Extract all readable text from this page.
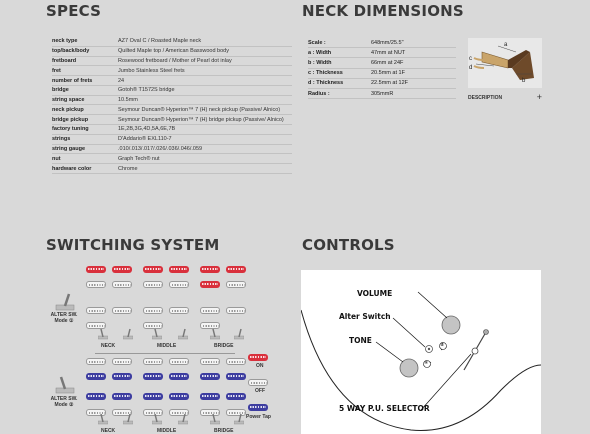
SPECS
neck type	AZ7 Oval C / Roasted Maple neck
top/back/body	Quilted Maple top / American Basswood body
fretboard	Rosewood fretboard / Mother of Pearl dot inlay
fret	Jumbo Stainless Steel frets
number of frets	24
bridge	Gotoh® T1572S bridge
string space	10.5mm
neck pickup	Seymour Duncan® Hyperion™ 7 (H) neck pickup (Passive/ Alnico)
bridge pickup	Seymour Duncan® Hyperion™ 7 (H) bridge pickup (Passive/ Alnico)
factory tuning	1E,2B,3G,4D,5A,6E,7B
strings	D'Addario® EXL110-7
string gauge	.010/.013/.017/.026/.036/.046/.059
nut	Graph Tech® nut
hardware color	Chrome
NECK DIMENSIONS
Scale :	648mm/25.5"
a : Width	47mm at NUT
b : Width	66mm at 24F
c : Thickness	20.5mm at 1F
d : Thickness	22.5mm at 12F
Radius :	305mmR
a
b
c
d
DESCRIPTION	+
SWITCHING SYSTEM
ALTER SW. Mode ①
ALTER SW. Mode ②
NECK	MIDDLE	BRIDGE
NECK	MIDDLE	BRIDGE
ON
OFF
Power Tap
CONTROLS
VOLUME
Alter Switch
TONE
①
②
5 WAY P.U. SELECTOR
